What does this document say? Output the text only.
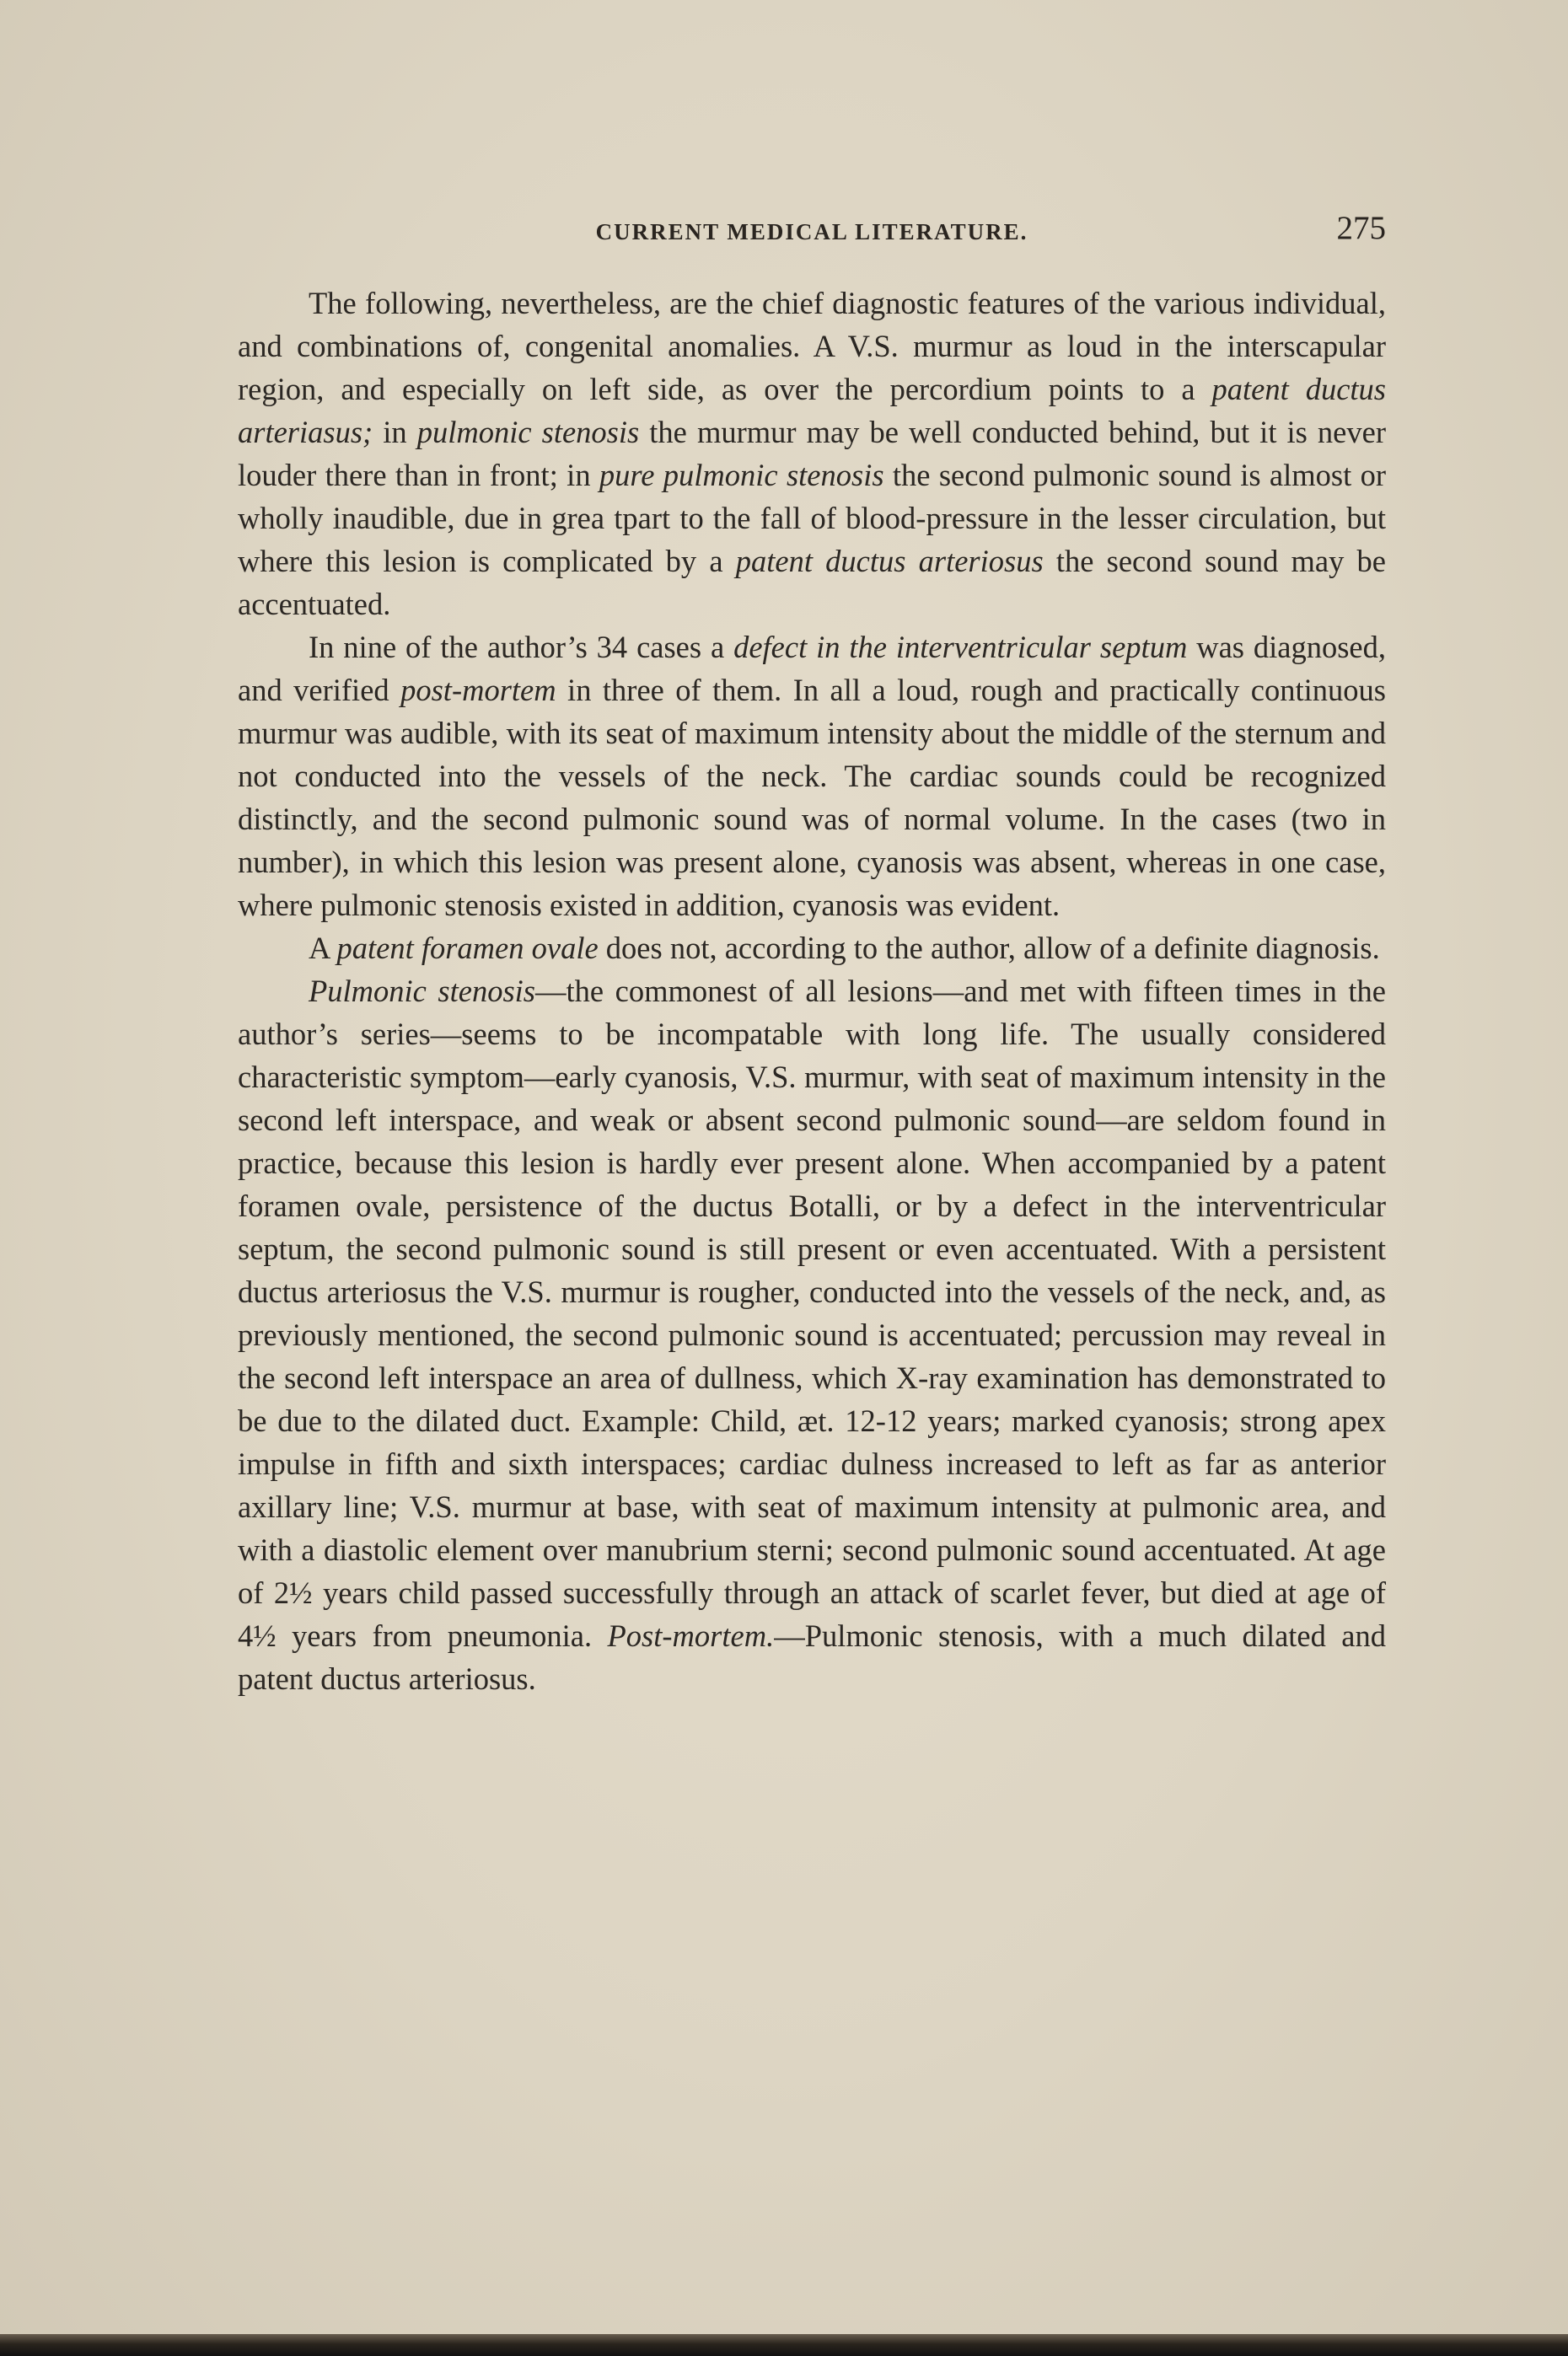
CURRENT MEDICAL LITERATURE.	275

The following, nevertheless, are the chief diagnostic features of the various individual, and combinations of, congenital anomalies. A V.S. murmur as loud in the interscapular region, and especially on left side, as over the percordium points to a patent ductus arteriasus; in pulmonic stenosis the murmur may be well conducted behind, but it is never louder there than in front; in pure pulmonic stenosis the second pulmonic sound is almost or wholly inaudible, due in grea tpart to the fall of blood-pressure in the lesser circulation, but where this lesion is complicated by a patent ductus arteriosus the second sound may be accentuated.

In nine of the author’s 34 cases a defect in the interventricular septum was diagnosed, and verified post-mortem in three of them. In all a loud, rough and practically continuous murmur was audible, with its seat of maximum intensity about the middle of the sternum and not conducted into the vessels of the neck. The cardiac sounds could be recognized distinctly, and the second pulmonic sound was of normal volume. In the cases (two in number), in which this lesion was present alone, cyanosis was absent, whereas in one case, where pulmonic stenosis existed in addition, cyanosis was evident.

A patent foramen ovale does not, according to the author, allow of a definite diagnosis.

Pulmonic stenosis—the commonest of all lesions—and met with fifteen times in the author’s series—seems to be incompatable with long life. The usually considered characteristic symptom—early cyanosis, V.S. murmur, with seat of maximum intensity in the second left interspace, and weak or absent second pulmonic sound—are seldom found in practice, because this lesion is hardly ever present alone. When accompanied by a patent foramen ovale, persistence of the ductus Botalli, or by a defect in the interventricular septum, the second pulmonic sound is still present or even accentuated. With a persistent ductus arteriosus the V.S. murmur is rougher, conducted into the vessels of the neck, and, as previously mentioned, the second pulmonic sound is accentuated; percussion may reveal in the second left interspace an area of dullness, which X-ray examination has demonstrated to be due to the dilated duct. Example: Child, æt. 12-12 years; marked cyanosis; strong apex impulse in fifth and sixth interspaces; cardiac dulness increased to left as far as anterior axillary line; V.S. murmur at base, with seat of maximum intensity at pulmonic area, and with a diastolic element over manubrium sterni; second pulmonic sound accentuated. At age of 2½ years child passed successfully through an attack of scarlet fever, but died at age of 4½ years from pneumonia. Post-mortem.—Pulmonic stenosis, with a much dilated and patent ductus arteriosus.
